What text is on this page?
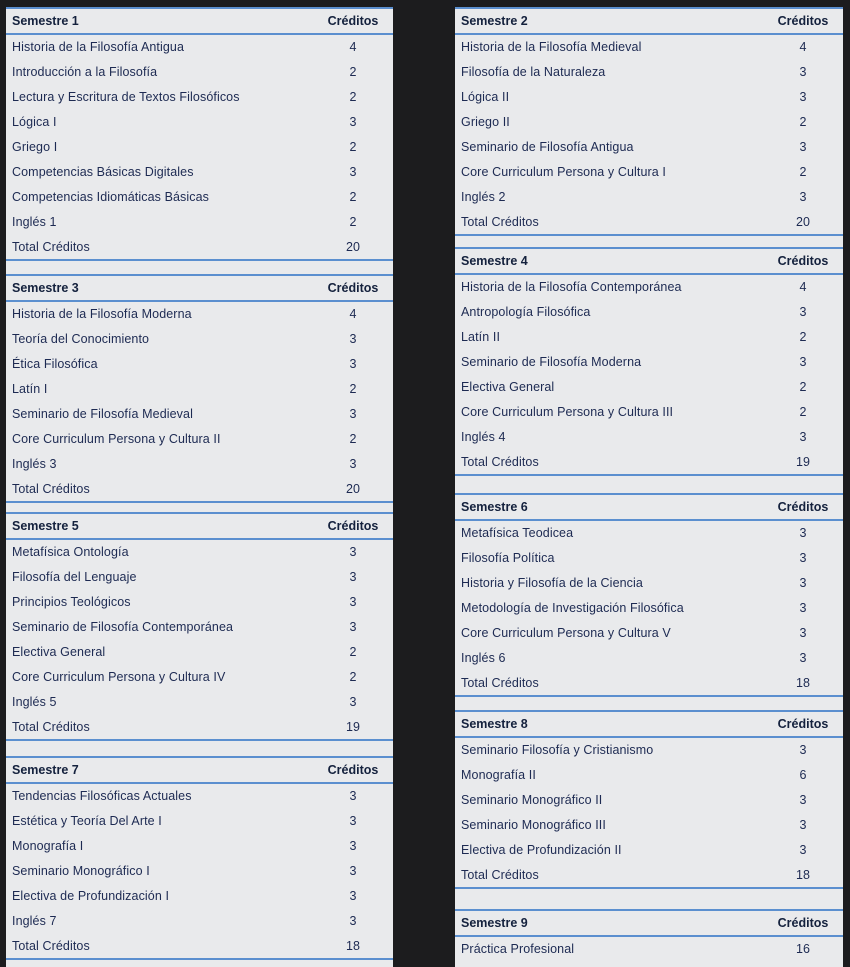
Semestre 1	Créditos
Historia de la Filosofía Antigua	4
Introducción a la Filosofía	2
Lectura y Escritura de Textos Filosóficos	2
Lógica I	3
Griego I	2
Competencias Básicas Digitales	3
Competencias Idiomáticas Básicas	2
Inglés 1	2
Total Créditos	20
Semestre 3	Créditos
Historia de la Filosofía Moderna	4
Teoría del Conocimiento	3
Ética Filosófica	3
Latín I	2
Seminario de Filosofía Medieval	3
Core Curriculum Persona y Cultura II	2
Inglés 3	3
Total Créditos	20
Semestre 5	Créditos
Metafísica Ontología	3
Filosofía del Lenguaje	3
Principios Teológicos	3
Seminario de Filosofía Contemporánea	3
Electiva General	2
Core Curriculum Persona y Cultura IV	2
Inglés 5	3
Total Créditos	19
Semestre 7	Créditos
Tendencias Filosóficas Actuales	3
Estética y Teoría Del Arte I	3
Monografía I	3
Seminario Monográfico I	3
Electiva de Profundización I	3
Inglés 7	3
Total Créditos	18
Semestre 2	Créditos
Historia de la Filosofía Medieval	4
Filosofía de la Naturaleza	3
Lógica II	3
Griego II	2
Seminario de Filosofía Antigua	3
Core Curriculum Persona y Cultura I	2
Inglés 2	3
Total Créditos	20
Semestre 4	Créditos
Historia de la Filosofía Contemporánea	4
Antropología Filosófica	3
Latín II	2
Seminario de Filosofía Moderna	3
Electiva General	2
Core Curriculum Persona y Cultura III	2
Inglés 4	3
Total Créditos	19
Semestre 6	Créditos
Metafísica Teodicea	3
Filosofía Política	3
Historia y Filosofía de la Ciencia	3
Metodología de Investigación Filosófica	3
Core Curriculum Persona y Cultura V	3
Inglés 6	3
Total Créditos	18
Semestre 8	Créditos
Seminario Filosofía y Cristianismo	3
Monografía II	6
Seminario Monográfico II	3
Seminario Monográfico III	3
Electiva de Profundización II	3
Total Créditos	18
Semestre 9	Créditos
Práctica Profesional	16
